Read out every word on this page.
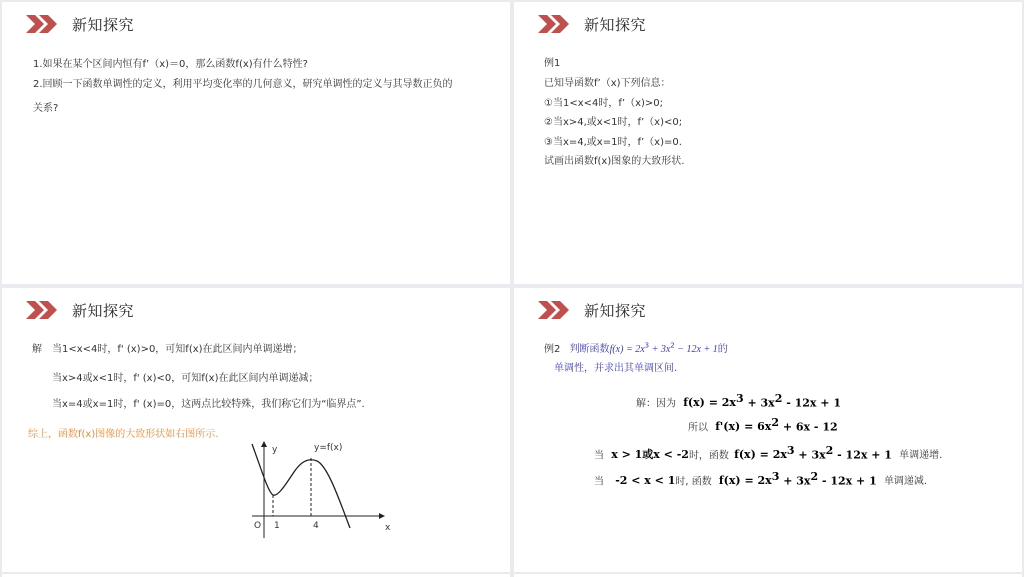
新知探究
1.如果在某个区间内恒有f’（x)＝0，那么函数f(x)有什么特性?
2.回顾一下函数单调性的定义，利用平均变化率的几何意义，研究单调性的定义与其导数正负的
关系?
新知探究
例1
已知导函数f’（x)下列信息：
①当1<x<4时，f’（x)>0;
②当x>4,或x<1时，f’（x)<0;
③当x=4,或x=1时，f’（x)=0.
试画出函数f(x)图象的大致形状.
新知探究
解　当1<x<4时，f' (x)>0，可知f(x)在此区间内单调递增；
当x>4或x<1时，f' (x)<0，可知f(x)在此区间内单调递减；
当x=4或x=1时，f' (x)=0，这两点比较特殊，我们称它们为“临界点”．
综上，函数f(x)图像的大致形状如右图所示.
y
x
O 1	4
y=f(x)
新知探究
例2 判断函数$f(x) = 2x^3 + 3x^2 - 12x + 1$的
单调性，并求出其单调区间.
解：因为 $f(x) = 2x^3 + 3x^2 - 12x + 1$
所以 $f'(x) = 6x^2 + 6x - 12$
当 x > 1或x < -2时，函数 $f(x) = 2x^3 + 3x^2 - 12x + 1$ 单调递增.
当 -2 < x < 1时, 函数 $f(x) = 2x^3 + 3x^2 - 12x + 1$ 单调递减.
